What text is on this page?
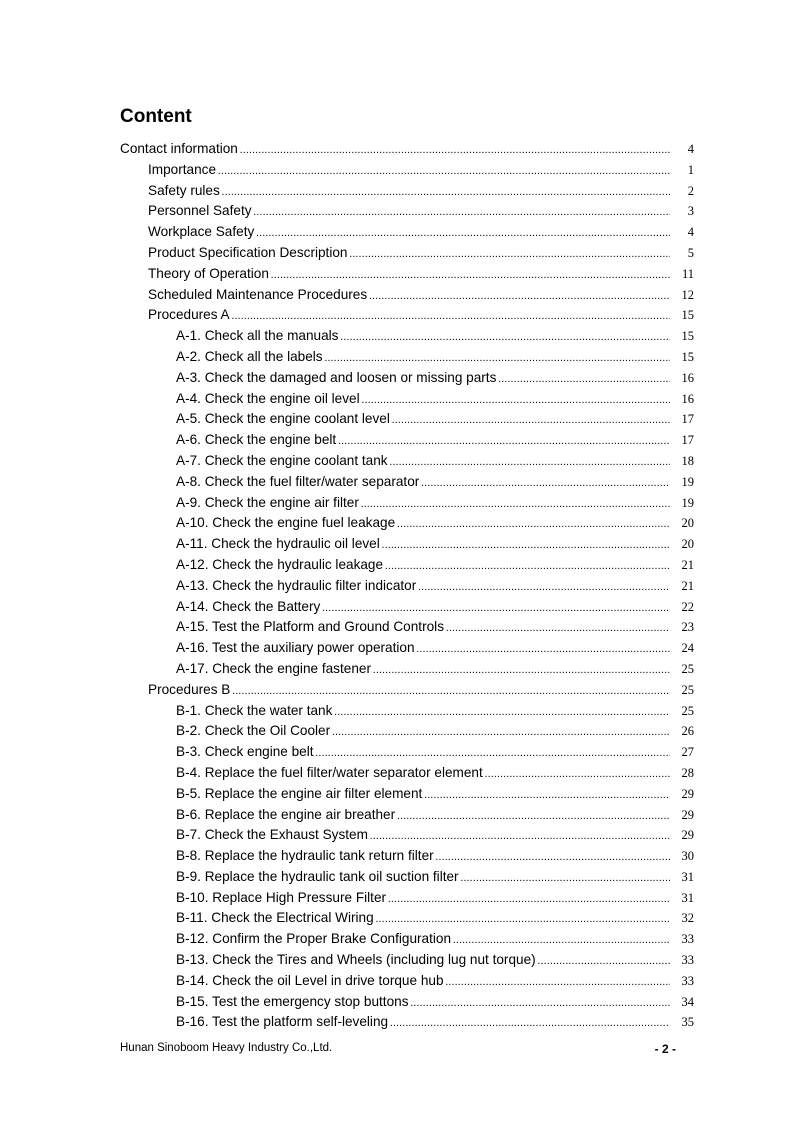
Content
Contact information .....	4
Importance .....	1
Safety rules .....	2
Personnel Safety .....	3
Workplace Safety .....	4
Product Specification Description .....	5
Theory of Operation .....	11
Scheduled Maintenance Procedures .....	12
Procedures A .....	15
A-1. Check all the manuals .....	15
A-2. Check all the labels .....	15
A-3. Check the damaged and loosen or missing parts .....	16
A-4. Check the engine oil level .....	16
A-5. Check the engine coolant level .....	17
A-6. Check the engine belt .....	17
A-7. Check the engine coolant tank .....	18
A-8. Check the fuel filter/water separator .....	19
A-9. Check the engine air filter .....	19
A-10. Check the engine fuel leakage .....	20
A-11. Check the hydraulic oil level .....	20
A-12. Check the hydraulic leakage .....	21
A-13. Check the hydraulic filter indicator .....	21
A-14. Check the Battery .....	22
A-15. Test the Platform and Ground Controls .....	23
A-16. Test the auxiliary power operation .....	24
A-17. Check the engine fastener .....	25
Procedures B .....	25
B-1. Check the water tank .....	25
B-2. Check the Oil Cooler .....	26
B-3. Check engine belt .....	27
B-4. Replace the fuel filter/water separator element .....	28
B-5. Replace the engine air filter element .....	29
B-6. Replace the engine air breather .....	29
B-7. Check the Exhaust System .....	29
B-8. Replace the hydraulic tank return filter .....	30
B-9. Replace the hydraulic tank oil suction filter .....	31
B-10. Replace High Pressure Filter .....	31
B-11. Check the Electrical Wiring .....	32
B-12. Confirm the Proper Brake Configuration .....	33
B-13. Check the Tires and Wheels (including lug nut torque) .....	33
B-14. Check the oil Level in drive torque hub .....	33
B-15. Test the emergency stop buttons .....	34
B-16. Test the platform self-leveling .....	35
Hunan Sinoboom Heavy Industry Co.,Ltd.	- 2 -
